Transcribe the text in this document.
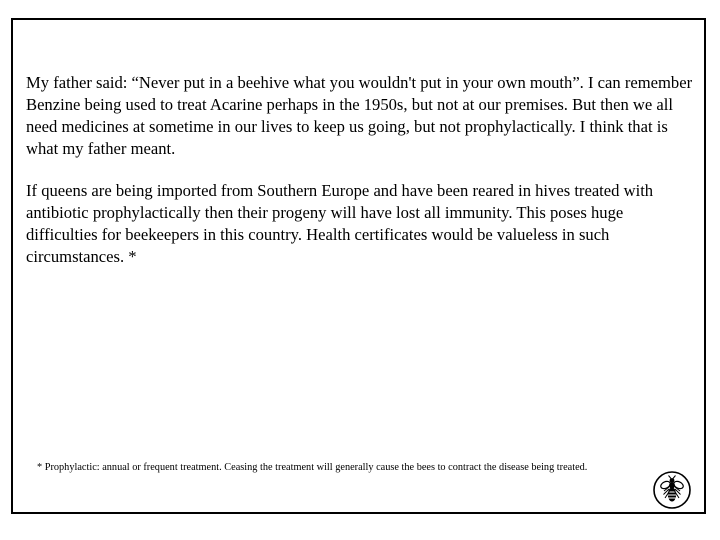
My father said: “Never put in a beehive what you wouldn't put in your own mouth”. I can remember Benzine being used to treat Acarine perhaps in the 1950s, but not at our premises. But then we all need medicines at sometime in our lives to keep us going, but not prophylactically. I think that is what my father meant.

If queens are being imported from Southern Europe and have been reared in hives treated with antibiotic prophylactically then their progeny will have lost all immunity. This poses huge difficulties for beekeepers in this country. Health certificates would be valueless in such circumstances. *

* Prophylactic: annual or frequent treatment. Ceasing the treatment will generally cause the bees to contract the disease being treated.
